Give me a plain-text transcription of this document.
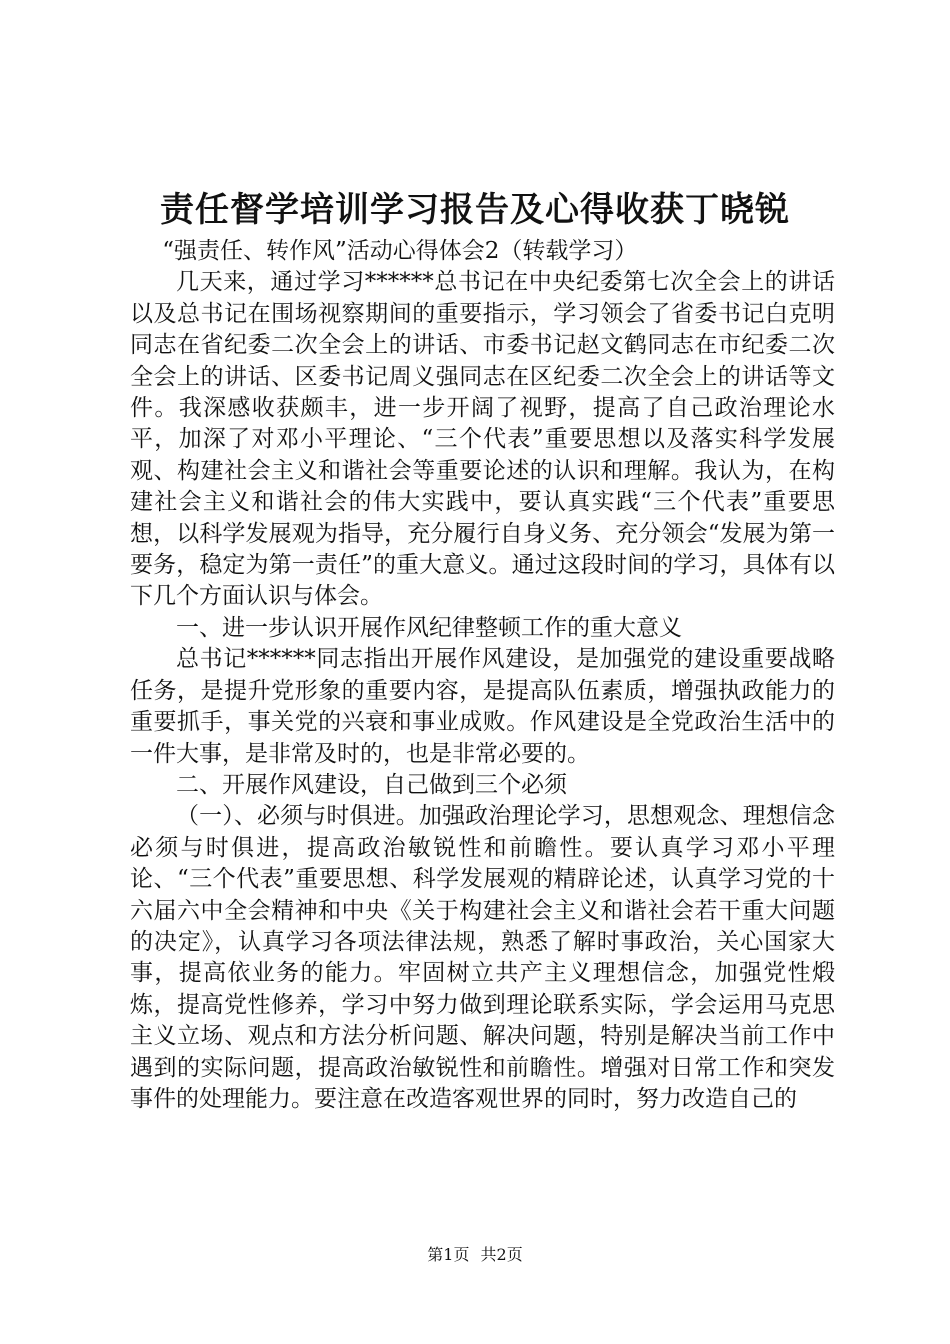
责任督学培训学习报告及心得收获丁晓锐

“强责任、转作风”活动心得体会2（转载学习）

几天来，通过学习******总书记在中央纪委第七次全会上的讲话以及总书记在围场视察期间的重要指示，学习领会了省委书记白克明同志在省纪委二次全会上的讲话、市委书记赵文鹤同志在市纪委二次全会上的讲话、区委书记周义强同志在区纪委二次全会上的讲话等文件。我深感收获颇丰，进一步开阔了视野，提高了自己政治理论水平，加深了对邓小平理论、“三个代表”重要思想以及落实科学发展观、构建社会主义和谐社会等重要论述的认识和理解。我认为，在构建社会主义和谐社会的伟大实践中，要认真实践“三个代表”重要思想，以科学发展观为指导，充分履行自身义务、充分领会“发展为第一要务，稳定为第一责任”的重大意义。通过这段时间的学习，具体有以下几个方面认识与体会。

一、进一步认识开展作风纪律整顿工作的重大意义

总书记******同志指出开展作风建设，是加强党的建设重要战略任务，是提升党形象的重要内容，是提高队伍素质，增强执政能力的重要抓手，事关党的兴衰和事业成败。作风建设是全党政治生活中的一件大事，是非常及时的，也是非常必要的。

二、开展作风建设，自己做到三个必须

（一）、必须与时俱进。加强政治理论学习，思想观念、理想信念必须与时俱进，提高政治敏锐性和前瞻性。要认真学习邓小平理论、“三个代表”重要思想、科学发展观的精辟论述，认真学习党的十六届六中全会精神和中央《关于构建社会主义和谐社会若干重大问题的决定》，认真学习各项法律法规，熟悉了解时事政治，关心国家大事，提高依业务的能力。牢固树立共产主义理想信念，加强党性煅炼，提高党性修养，学习中努力做到理论联系实际，学会运用马克思主义立场、观点和方法分析问题、解决问题，特别是解决当前工作中遇到的实际问题，提高政治敏锐性和前瞻性。增强对日常工作和突发事件的处理能力。要注意在改造客观世界的同时，努力改造自己的

第1页 共2页
